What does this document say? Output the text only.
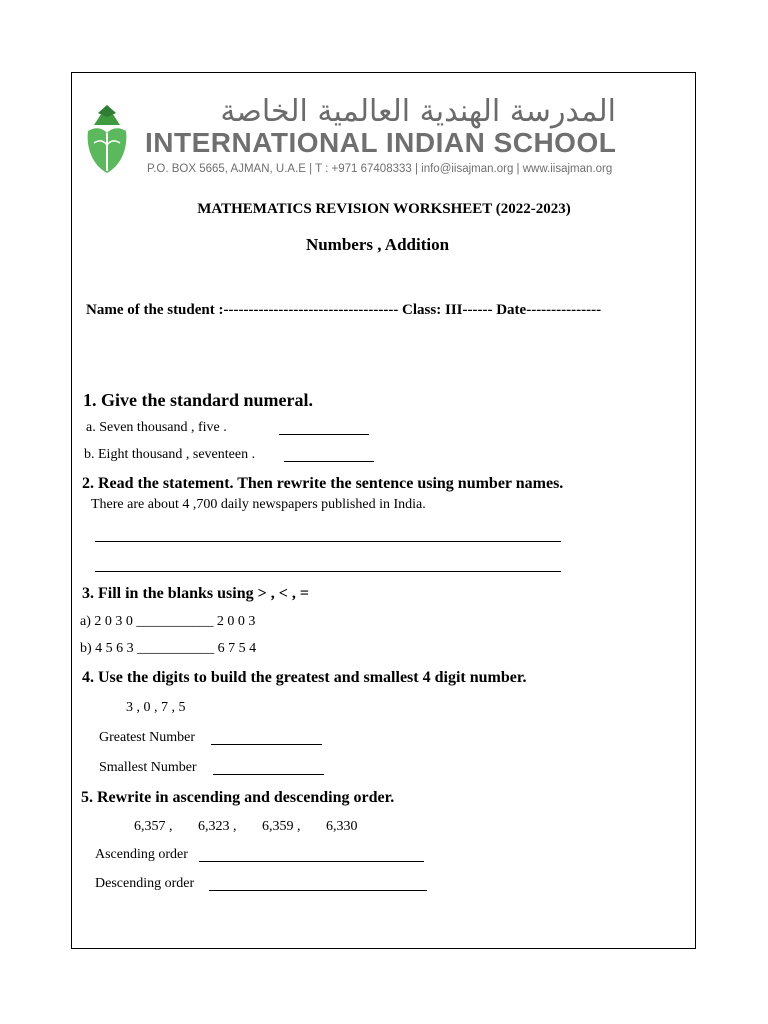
المدرسة الهندية العالمية الخاصة
INTERNATIONAL INDIAN SCHOOL
P.O. BOX 5665, AJMAN, U.A.E | T : +971 67408333 | info@iisajman.org | www.iisajman.org
MATHEMATICS REVISION WORKSHEET (2022-2023)
Numbers , Addition
Name of the student :----------------------------------- Class: III------ Date---------------
1. Give the standard numeral.
a. Seven thousand , five .
b. Eight thousand , seventeen .
2. Read the statement. Then rewrite the sentence using number names.
There are about 4 ,700 daily newspapers published in India.
3. Fill in the blanks using > , < , =
a) 2 0 3 0 ___________ 2 0 0 3
b) 4 5 6 3 ___________ 6 7 5 4
4. Use the digits to build the greatest and smallest 4 digit number.
3 , 0 , 7 , 5
Greatest Number
Smallest Number
5. Rewrite in ascending and descending order.
6,357 , 6,323 , 6,359 , 6,330
Ascending order
Descending order
